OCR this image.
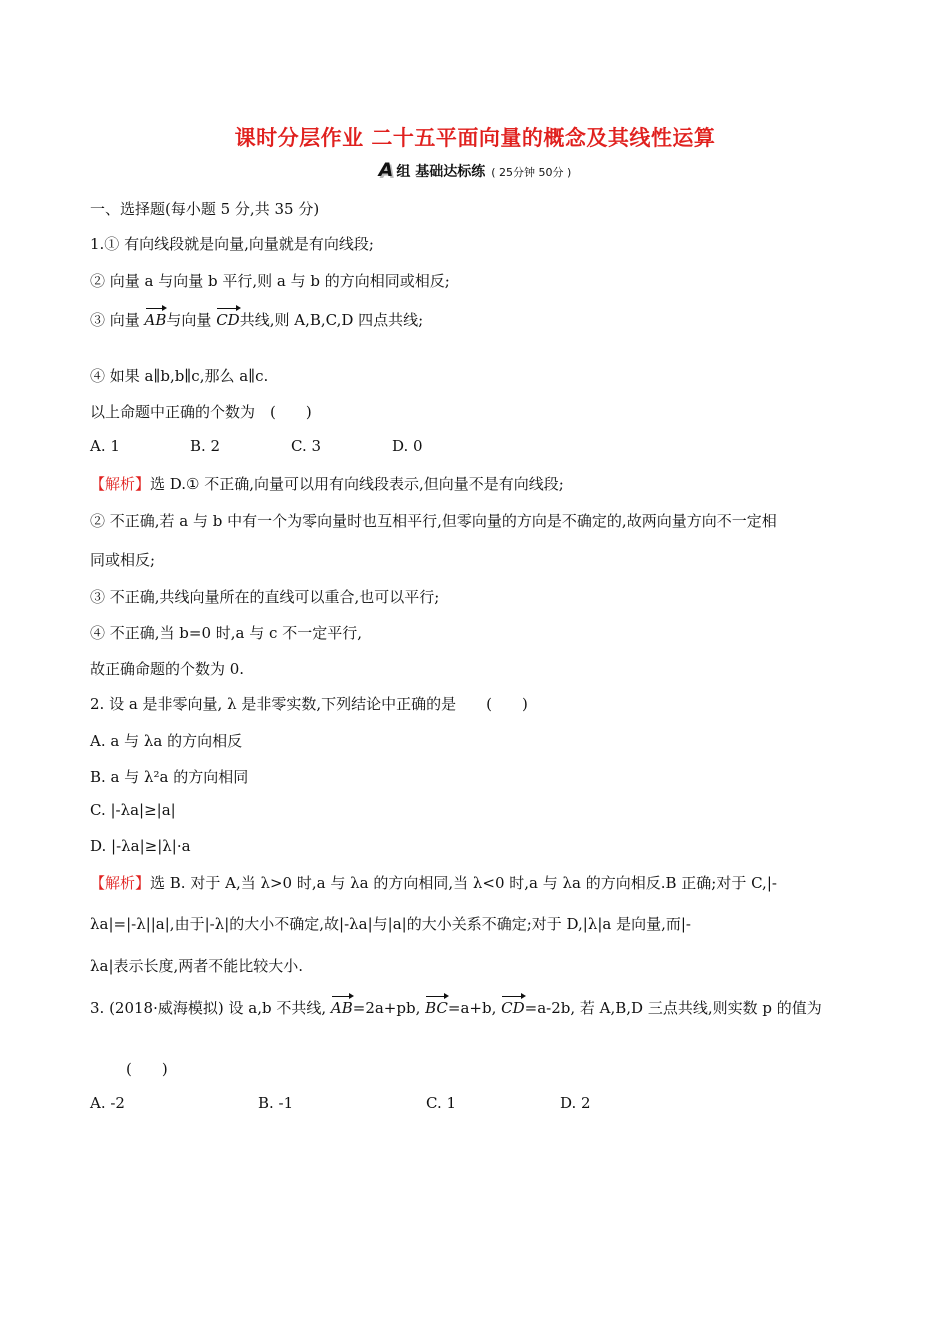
课时分层作业 二十五平面向量的概念及其线性运算
A 组 基础达标练 ( 25分钟 50分 )
一、选择题(每小题 5 分,共 35 分)
1.① 有向线段就是向量,向量就是有向线段;
② 向量 a 与向量 b 平行,则 a 与 b 的方向相同或相反;
③ 向量 AB与向量 CD共线,则 A,B,C,D 四点共线;
④ 如果 a∥b,b∥c,那么 a∥c.
以上命题中正确的个数为　(　　)
A. 1	B. 2	C. 3	D. 0
【解析】选 D.① 不正确,向量可以用有向线段表示,但向量不是有向线段;
② 不正确,若 a 与 b 中有一个为零向量时也互相平行,但零向量的方向是不确定的,故两向量方向不一定相
同或相反;
③ 不正确,共线向量所在的直线可以重合,也可以平行;
④ 不正确,当 b=0 时,a 与 c 不一定平行,
故正确命题的个数为 0.
2. 设 a 是非零向量, λ 是非零实数,下列结论中正确的是　　(　　)
A. a 与 λa 的方向相反
B. a 与 λ²a 的方向相同
C. |-λa|≥|a|
D. |-λa|≥|λ|·a
【解析】选 B. 对于 A,当 λ>0 时,a 与 λa 的方向相同,当 λ<0 时,a 与 λa 的方向相反.B 正确;对于 C,|-
λa|=|-λ||a|,由于|-λ|的大小不确定,故|-λa|与|a|的大小关系不确定;对于 D,|λ|a 是向量,而|-
λa|表示长度,两者不能比较大小.
3. (2018·威海模拟) 设 a,b 不共线, AB=2a+pb, BC=a+b, CD=a-2b, 若 A,B,D 三点共线,则实数 p 的值为
(　　)
A. -2	B. -1	C. 1	D. 2
